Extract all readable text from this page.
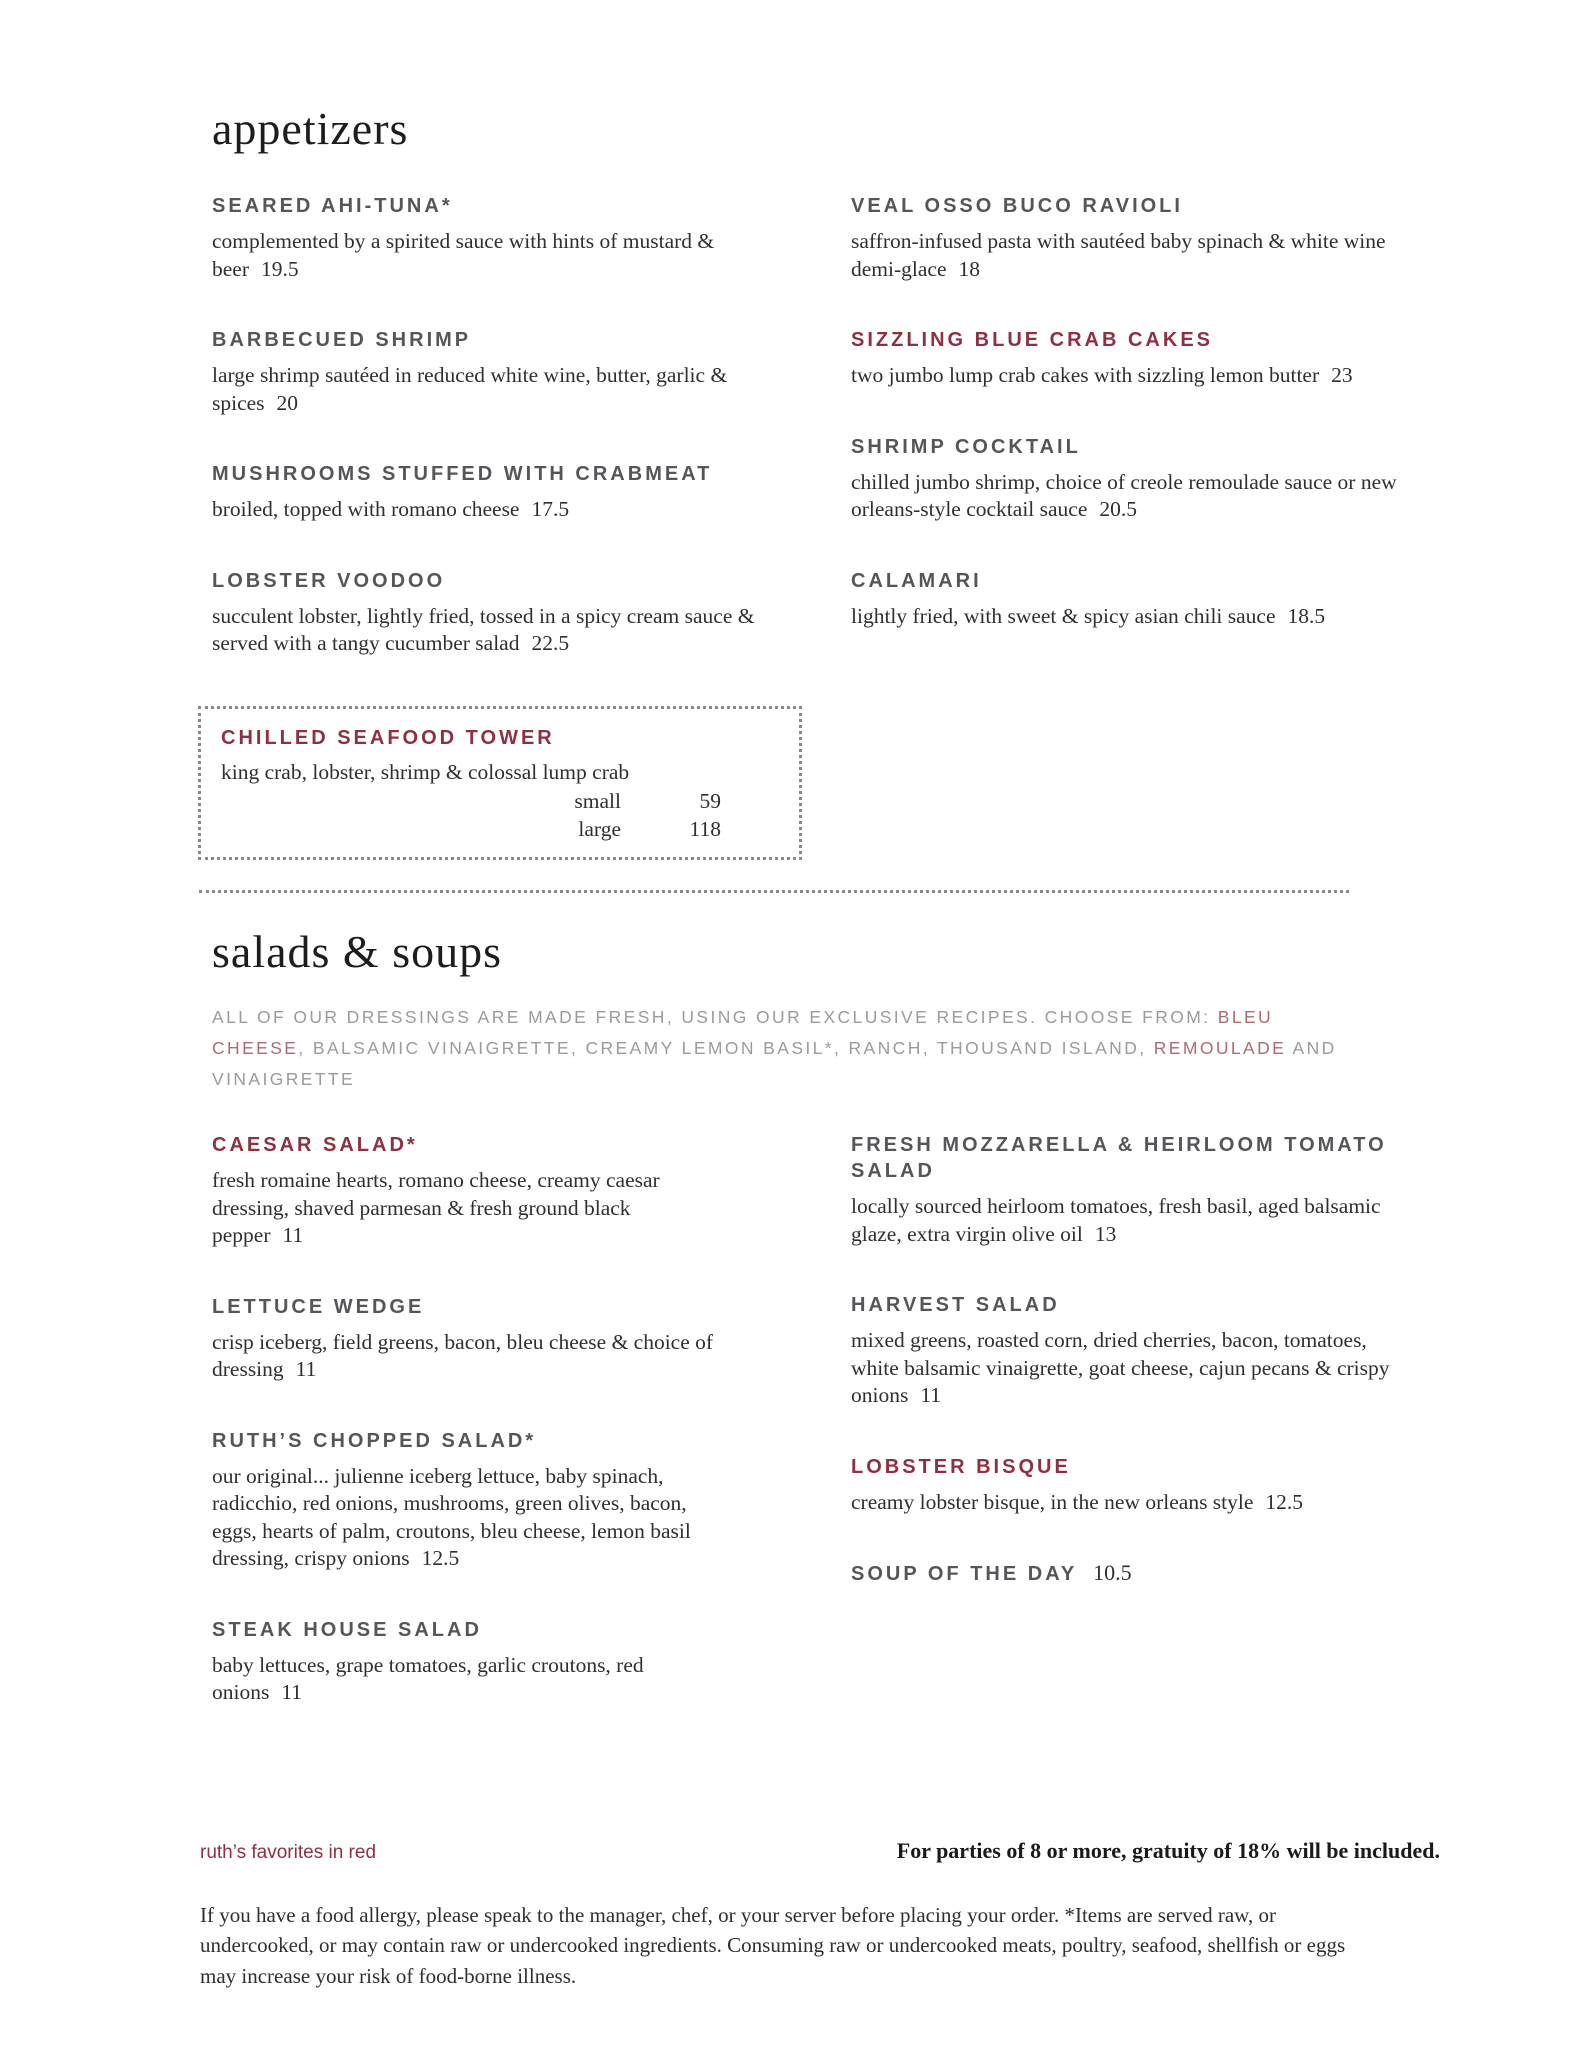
appetizers
SEARED AHI-TUNA*

complemented by a spirited sauce with hints of mustard & beer 19.5

BARBECUED SHRIMP

large shrimp sautéed in reduced white wine, butter, garlic & spices 20

MUSHROOMS STUFFED WITH CRABMEAT

broiled, topped with romano cheese 17.5

LOBSTER VOODOO

succulent lobster, lightly fried, tossed in a spicy cream sauce & served with a tangy cucumber salad 22.5

VEAL OSSO BUCO RAVIOLI

saffron-infused pasta with sautéed baby spinach & white wine demi-glace 18

SIZZLING BLUE CRAB CAKES

two jumbo lump crab cakes with sizzling lemon butter 23

SHRIMP COCKTAIL

chilled jumbo shrimp, choice of creole remoulade sauce or new orleans-style cocktail sauce 20.5

CALAMARI

lightly fried, with sweet & spicy asian chili sauce 18.5

CHILLED SEAFOOD TOWER

king crab, lobster, shrimp & colossal lump crab

small	59
large	118
salads & soups

ALL OF OUR DRESSINGS ARE MADE FRESH, USING OUR EXCLUSIVE RECIPES. CHOOSE FROM: BLEU CHEESE, BALSAMIC VINAIGRETTE, CREAMY LEMON BASIL*, RANCH, THOUSAND ISLAND, REMOULADE AND VINAIGRETTE

CAESAR SALAD*

fresh romaine hearts, romano cheese, creamy caesar dressing, shaved parmesan & fresh ground black pepper 11

LETTUCE WEDGE

crisp iceberg, field greens, bacon, bleu cheese & choice of dressing 11

RUTH’S CHOPPED SALAD*

our original... julienne iceberg lettuce, baby spinach, radicchio, red onions, mushrooms, green olives, bacon, eggs, hearts of palm, croutons, bleu cheese, lemon basil dressing, crispy onions 12.5

STEAK HOUSE SALAD

baby lettuces, grape tomatoes, garlic croutons, red onions 11

FRESH MOZZARELLA & HEIRLOOM TOMATO SALAD

locally sourced heirloom tomatoes, fresh basil, aged balsamic glaze, extra virgin olive oil 13

HARVEST SALAD

mixed greens, roasted corn, dried cherries, bacon, tomatoes, white balsamic vinaigrette, goat cheese, cajun pecans & crispy onions 11

LOBSTER BISQUE

creamy lobster bisque, in the new orleans style 12.5

SOUP OF THE DAY 10.5
ruth’s favorites in red	For parties of 8 or more, gratuity of 18% will be included.

If you have a food allergy, please speak to the manager, chef, or your server before placing your order. *Items are served raw, or undercooked, or may contain raw or undercooked ingredients. Consuming raw or undercooked meats, poultry, seafood, shellfish or eggs may increase your risk of food-borne illness.
